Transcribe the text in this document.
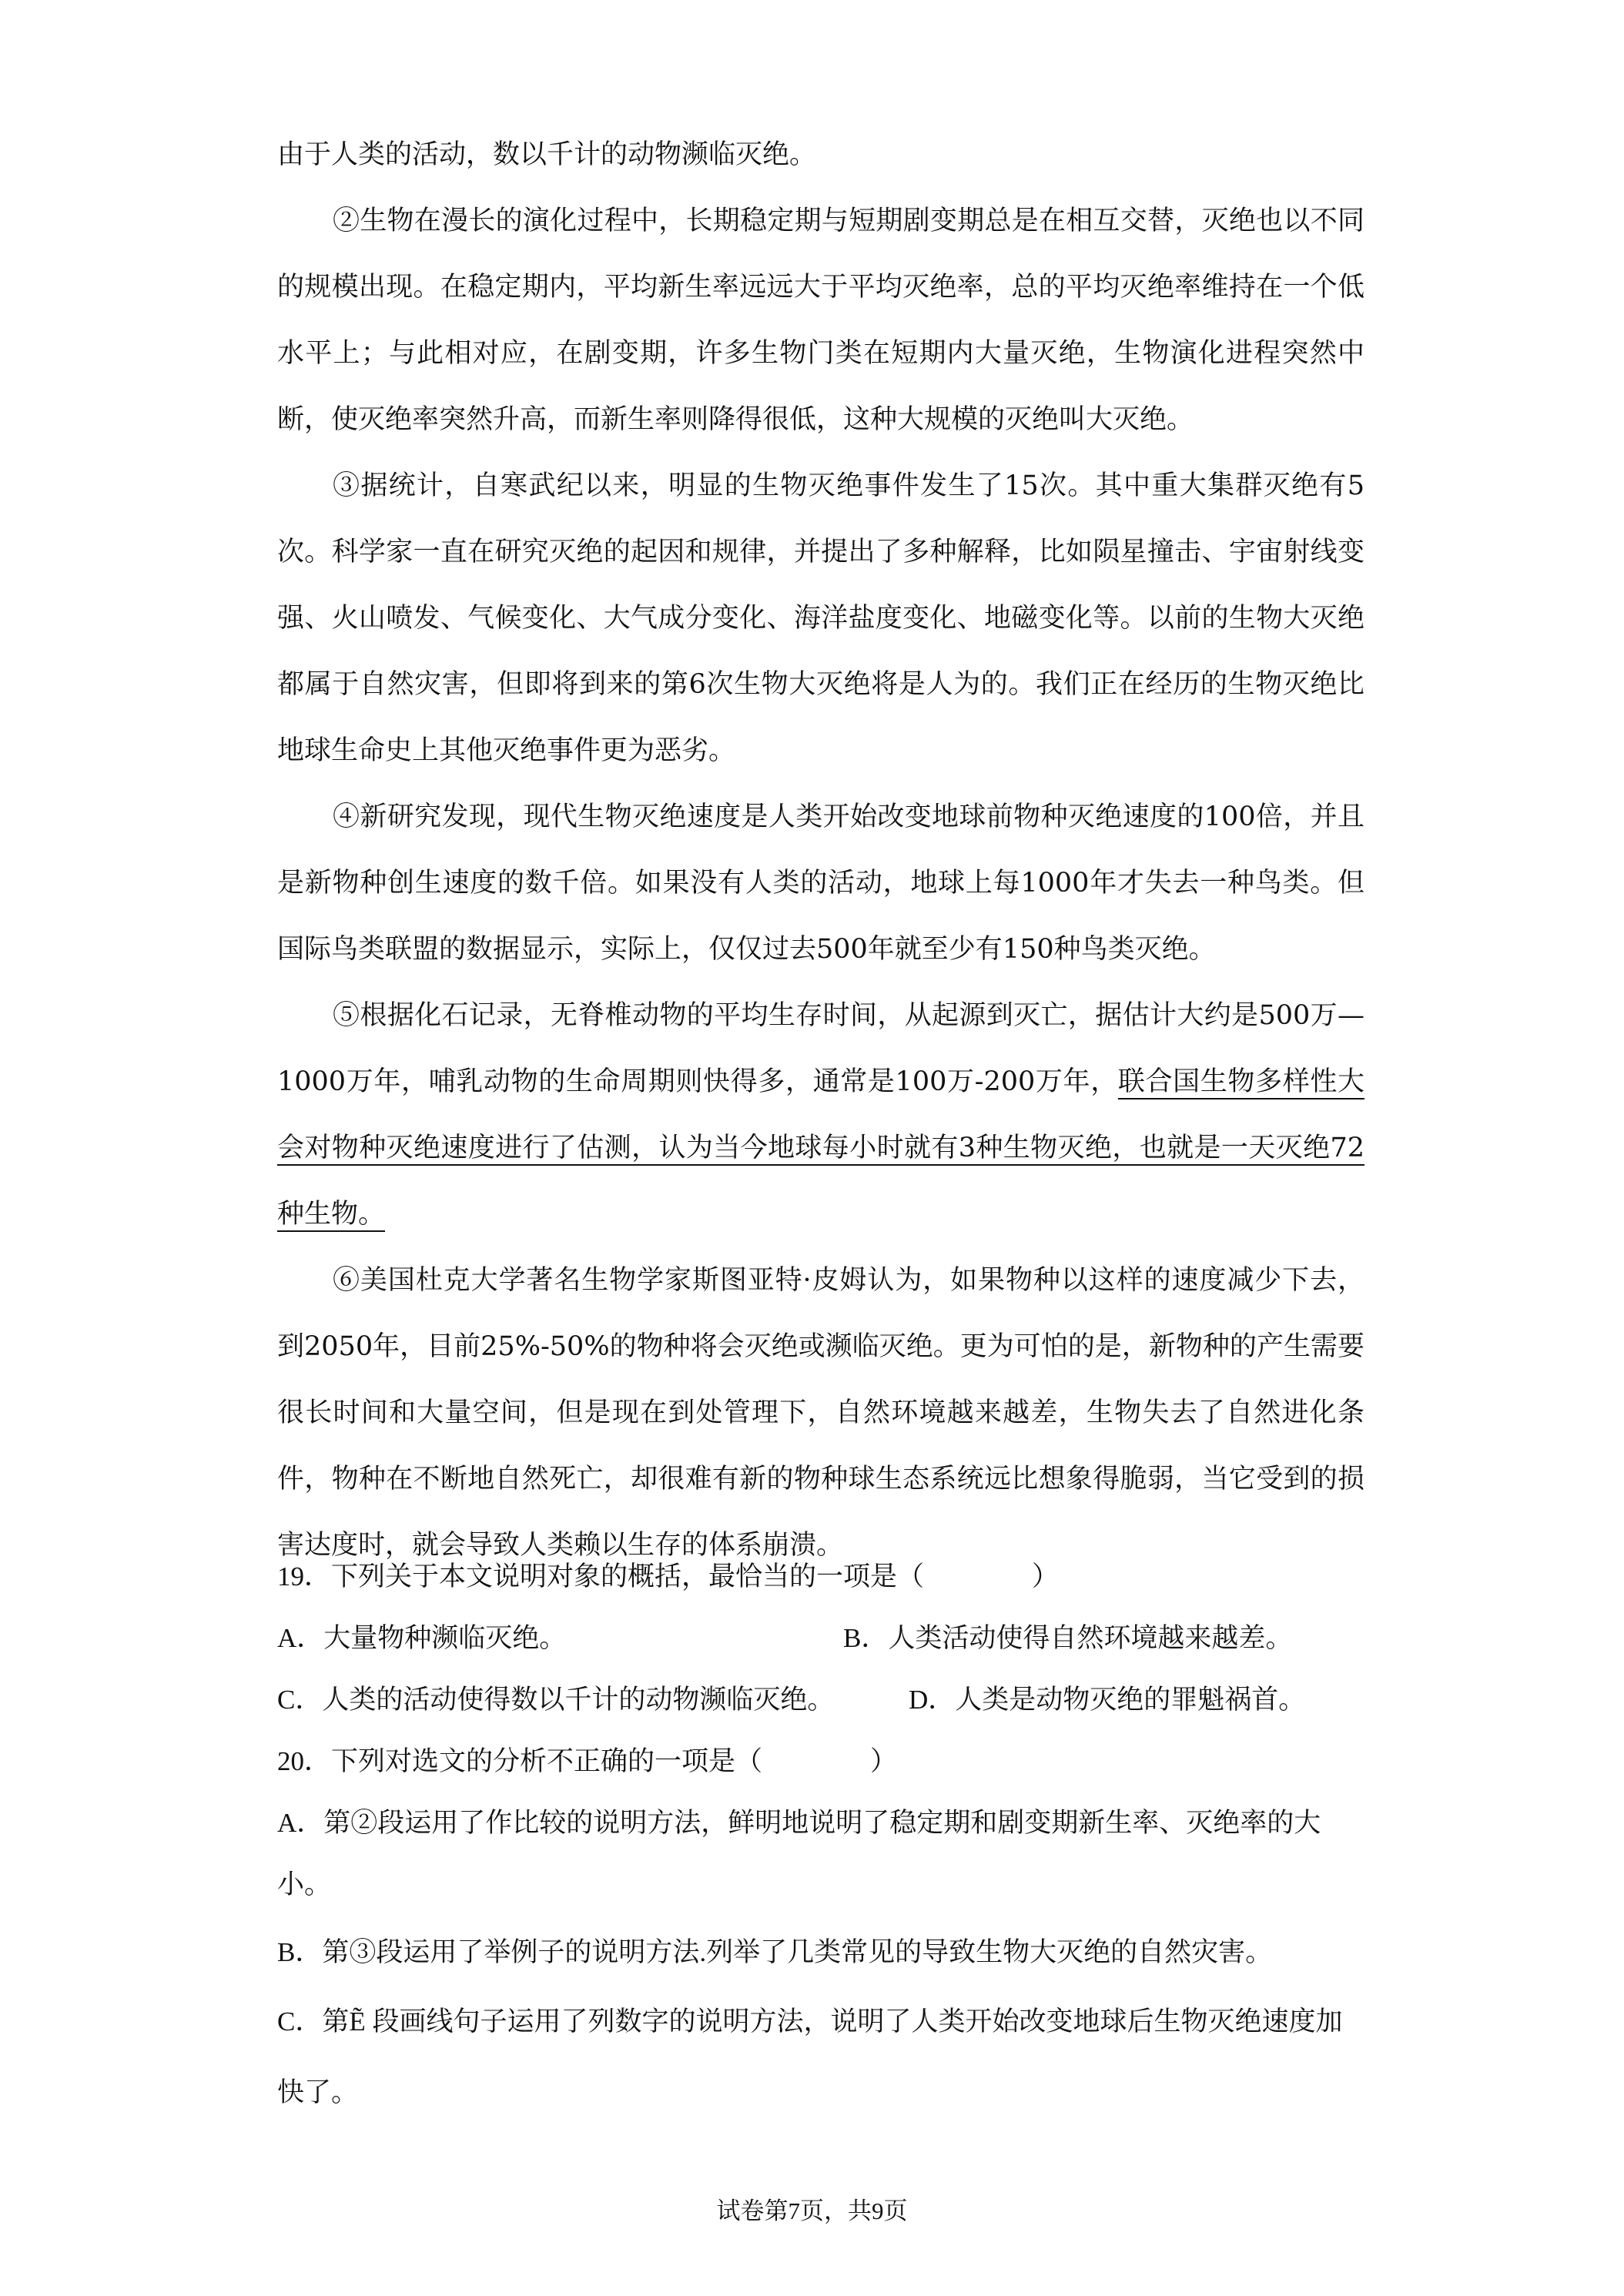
由于人类的活动，数以千计的动物濒临灭绝。

②生物在漫长的演化过程中，长期稳定期与短期剧变期总是在相互交替，灭绝也以不同的规模出现。在稳定期内，平均新生率远远大于平均灭绝率，总的平均灭绝率维持在一个低水平上；与此相对应，在剧变期，许多生物门类在短期内大量灭绝，生物演化进程突然中断，使灭绝率突然升高，而新生率则降得很低，这种大规模的灭绝叫大灭绝。

③据统计，自寒武纪以来，明显的生物灭绝事件发生了15次。其中重大集群灭绝有5次。科学家一直在研究灭绝的起因和规律，并提出了多种解释，比如陨星撞击、宇宙射线变强、火山喷发、气候变化、大气成分变化、海洋盐度变化、地磁变化等。以前的生物大灭绝都属于自然灾害，但即将到来的第6次生物大灭绝将是人为的。我们正在经历的生物灭绝比地球生命史上其他灭绝事件更为恶劣。

④新研究发现，现代生物灭绝速度是人类开始改变地球前物种灭绝速度的100倍，并且是新物种创生速度的数千倍。如果没有人类的活动，地球上每1000年才失去一种鸟类。但国际鸟类联盟的数据显示，实际上，仅仅过去500年就至少有150种鸟类灭绝。

⑤根据化石记录，无脊椎动物的平均生存时间，从起源到灭亡，据估计大约是500万—1000万年，哺乳动物的生命周期则快得多，通常是100万-200万年，联合国生物多样性大会对物种灭绝速度进行了估测，认为当今地球每小时就有3种生物灭绝，也就是一天灭绝72种生物。

⑥美国杜克大学著名生物学家斯图亚特·皮姆认为，如果物种以这样的速度减少下去，到2050年，目前25%-50%的物种将会灭绝或濒临灭绝。更为可怕的是，新物种的产生需要很长时间和大量空间，但是现在到处管理下，自然环境越来越差，生物失去了自然进化条件，物种在不断地自然死亡，却很难有新的物种球生态系统远比想象得脆弱，当它受到的损害达度时，就会导致人类赖以生存的体系崩溃。

19．下列关于本文说明对象的概括，最恰当的一项是（　　　　）
A．大量物种濒临灭绝。	B．人类活动使得自然环境越来越差。
C．人类的活动使得数以千计的动物濒临灭绝。	D．人类是动物灭绝的罪魁祸首。
20．下列对选文的分析不正确的一项是（　　　　）
A．第②段运用了作比较的说明方法，鲜明地说明了稳定期和剧变期新生率、灭绝率的大小。
B．第③段运用了举例子的说明方法.列举了几类常见的导致生物大灭绝的自然灾害。
C．第Ẽ 段画线句子运用了列数字的说明方法，说明了人类开始改变地球后生物灭绝速度加快了。
试卷第7页，共9页
